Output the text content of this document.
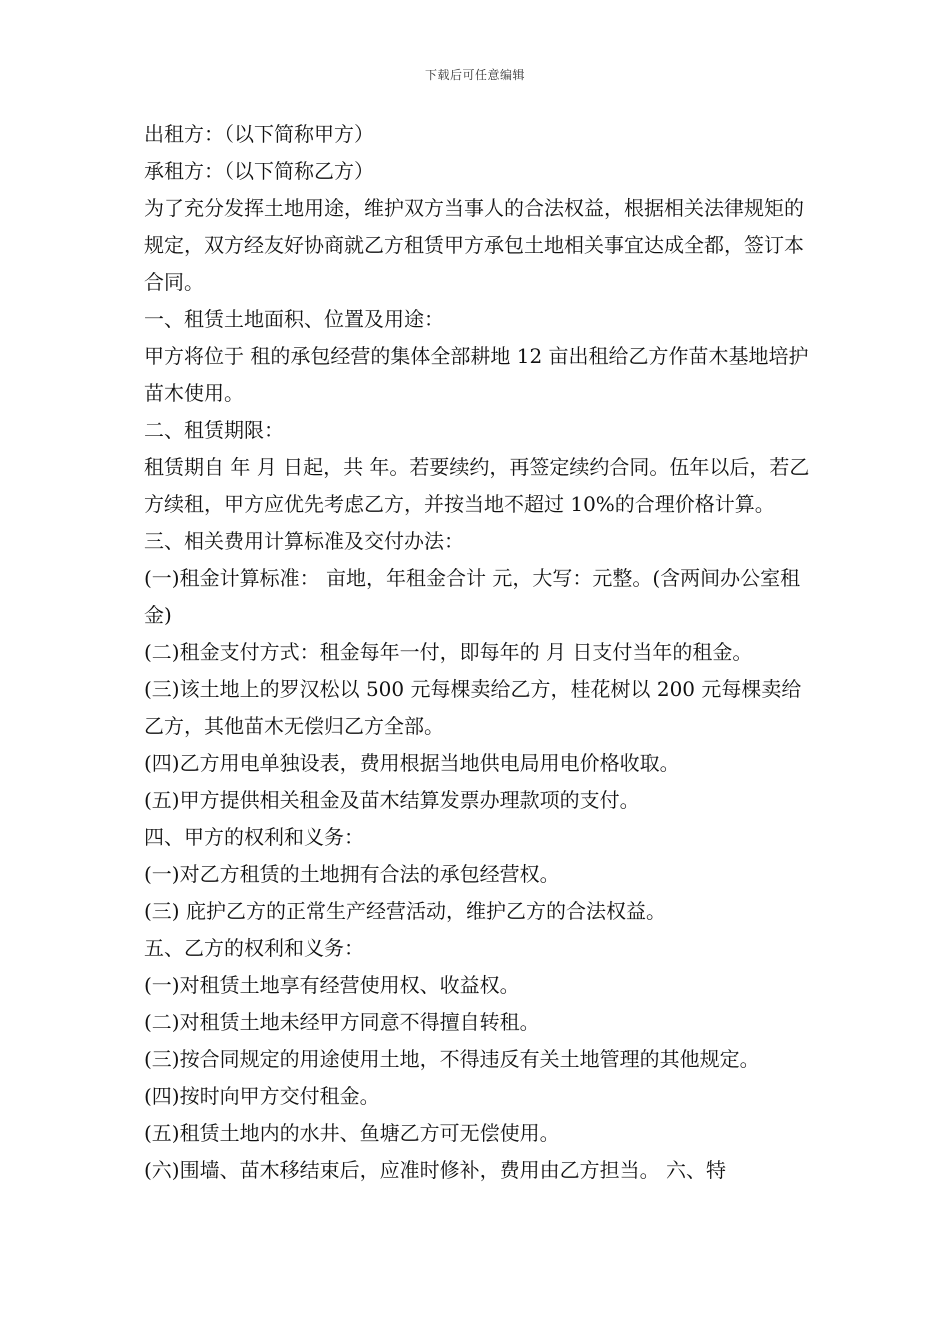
下载后可任意编辑

出租方：（以下简称甲方）

承租方：（以下简称乙方）

为了充分发挥土地用途，维护双方当事人的合法权益，根据相关法律规矩的规定，双方经友好协商就乙方租赁甲方承包土地相关事宜达成全都，签订本合同。

一、租赁土地面积、位置及用途：

甲方将位于 租的承包经营的集体全部耕地 12 亩出租给乙方作苗木基地培护苗木使用。

二、租赁期限：

租赁期自 年 月 日起，共 年。若要续约，再签定续约合同。伍年以后，若乙方续租，甲方应优先考虑乙方，并按当地不超过 10%的合理价格计算。

三、相关费用计算标准及交付办法：

(一)租金计算标准： 亩地，年租金合计 元，大写：元整。(含两间办公室租金)

(二)租金支付方式：租金每年一付，即每年的 月 日支付当年的租金。

(三)该土地上的罗汉松以 500 元每棵卖给乙方，桂花树以 200 元每棵卖给乙方，其他苗木无偿归乙方全部。

(四)乙方用电单独设表，费用根据当地供电局用电价格收取。

(五)甲方提供相关租金及苗木结算发票办理款项的支付。

四、甲方的权利和义务：

(一)对乙方租赁的土地拥有合法的承包经营权。

(三) 庇护乙方的正常生产经营活动，维护乙方的合法权益。

五、乙方的权利和义务：

(一)对租赁土地享有经营使用权、收益权。

(二)对租赁土地未经甲方同意不得擅自转租。

(三)按合同规定的用途使用土地，不得违反有关土地管理的其他规定。

(四)按时向甲方交付租金。

(五)租赁土地内的水井、鱼塘乙方可无偿使用。

(六)围墙、苗木移结束后，应准时修补，费用由乙方担当。 六、特
